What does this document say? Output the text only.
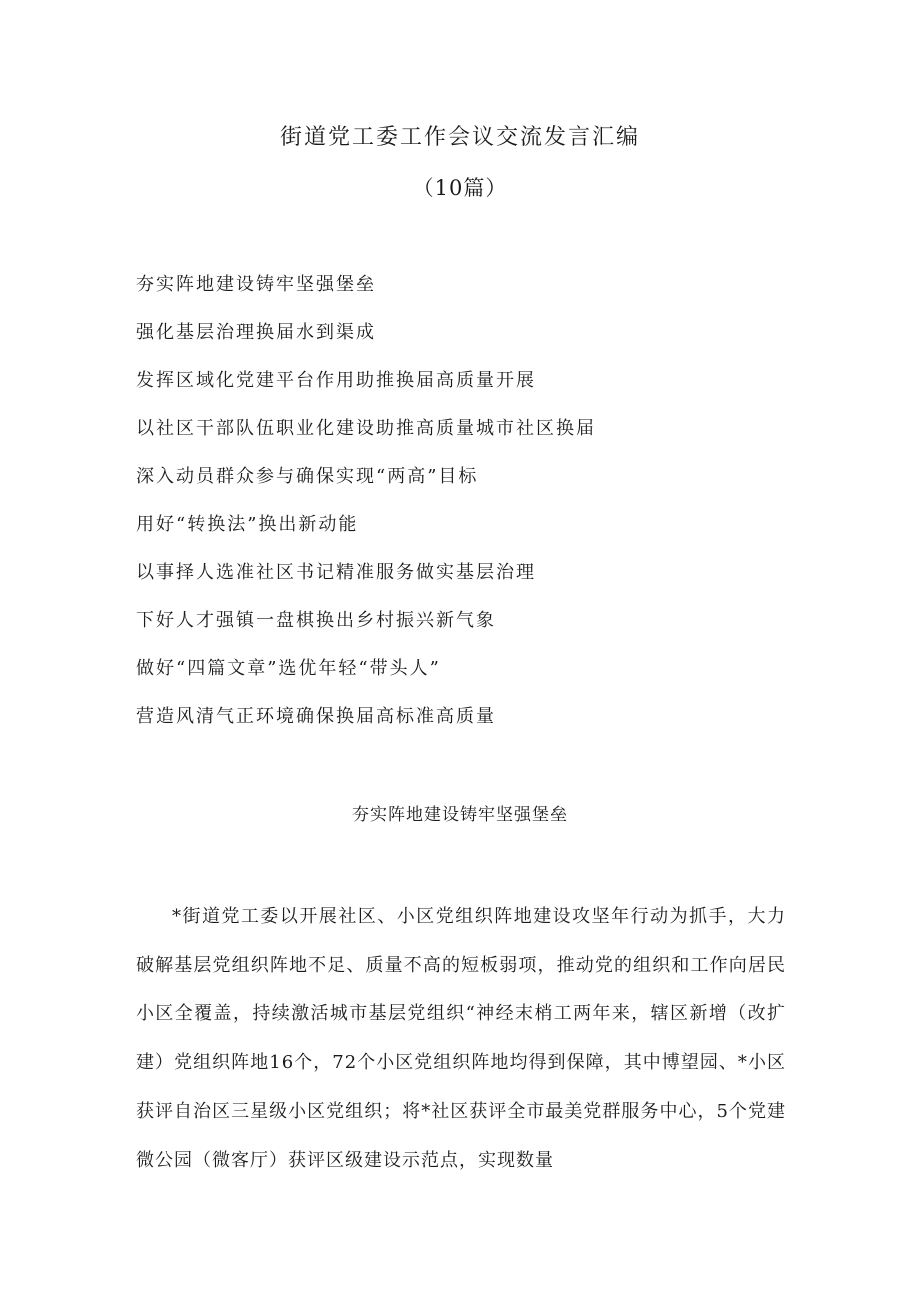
街道党工委工作会议交流发言汇编
（10篇）
夯实阵地建设铸牢坚强堡垒
强化基层治理换届水到渠成
发挥区域化党建平台作用助推换届高质量开展
以社区干部队伍职业化建设助推高质量城市社区换届
深入动员群众参与确保实现“两高”目标
用好“转换法”换出新动能
以事择人选准社区书记精准服务做实基层治理
下好人才强镇一盘棋换出乡村振兴新气象
做好“四篇文章”选优年轻“带头人”
营造风清气正环境确保换届高标准高质量
夯实阵地建设铸牢坚强堡垒

*街道党工委以开展社区、小区党组织阵地建设攻坚年行动为抓手，大力破解基层党组织阵地不足、质量不高的短板弱项，推动党的组织和工作向居民小区全覆盖，持续激活城市基层党组织“神经末梢工两年来，辖区新增（改扩建）党组织阵地16个，72个小区党组织阵地均得到保障，其中博望园、*小区获评自治区三星级小区党组织；将*社区获评全市最美党群服务中心，5个党建微公园（微客厅）获评区级建设示范点，实现数量
